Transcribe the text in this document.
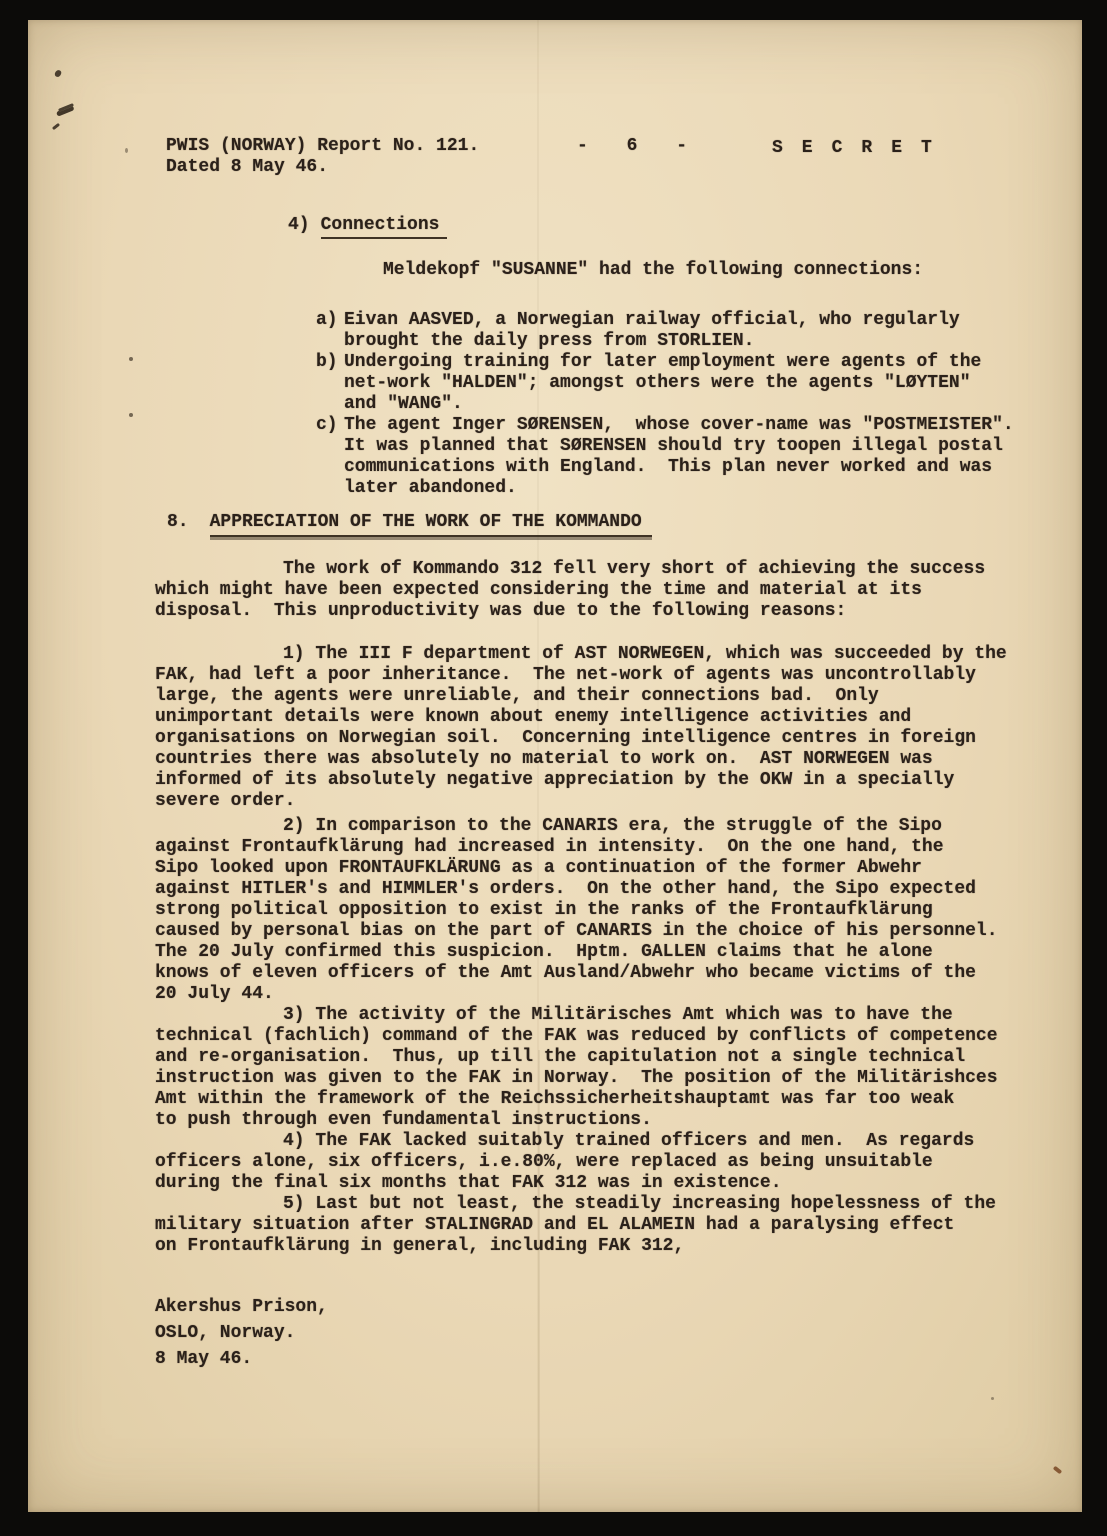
PWIS (NORWAY) Report No. 121.
Dated 8 May 46.
- 6 -	SECRET
4) Connections
Meldekopf "SUSANNE" had the following connections:
a) Eivan AASVED, a Norwegian railway official, who regularly
brought the daily press from STORLIEN.
b) Undergoing training for later employment were agents of the
net-work "HALDEN"; amongst others were the agents "LØYTEN"
and "WANG".
c) The agent Inger SØRENSEN,  whose cover-name was "POSTMEISTER".
It was planned that SØRENSEN should try toopen illegal postal
communications with England.  This plan never worked and was
later abandoned.
8. APPRECIATION OF THE WORK OF THE KOMMANDO
The work of Kommando 312 fell very short of achieving the success
which might have been expected considering the time and material at its
disposal.  This unproductivity was due to the following reasons:
1) The III F department of AST NORWEGEN, which was succeeded by the
FAK, had left a poor inheritance.  The net-work of agents was uncontrollably
large, the agents were unreliable, and their connections bad.  Only
unimportant details were known about enemy intelligence activities and
organisations on Norwegian soil.  Concerning intelligence centres in foreign
countries there was absolutely no material to work on.  AST NORWEGEN was
informed of its absolutely negative appreciation by the OKW in a specially
severe order.
2) In comparison to the CANARIS era, the struggle of the Sipo
against Frontaufklärung had increased in intensity.  On the one hand, the
Sipo looked upon FRONTAUFKLÄRUNG as a continuation of the former Abwehr
against HITLER's and HIMMLER's orders.  On the other hand, the Sipo expected
strong political opposition to exist in the ranks of the Frontaufklärung
caused by personal bias on the part of CANARIS in the choice of his personnel.
The 20 July confirmed this suspicion.  Hptm. GALLEN claims that he alone
knows of eleven officers of the Amt Ausland/Abwehr who became victims of the
20 July 44.
3) The activity of the Militärisches Amt which was to have the
technical (fachlich) command of the FAK was reduced by conflicts of competence
and re-organisation.  Thus, up till the capitulation not a single technical
instruction was given to the FAK in Norway.  The position of the Militärishces
Amt within the framework of the Reichssicherheitshauptamt was far too weak
to push through even fundamental instructions.
4) The FAK lacked suitably trained officers and men.  As regards
officers alone, six officers, i.e.80%, were replaced as being unsuitable
during the final six months that FAK 312 was in existence.
5) Last but not least, the steadily increasing hopelessness of the
military situation after STALINGRAD and EL ALAMEIN had a paralysing effect
on Frontaufklärung in general, including FAK 312,
Akershus Prison,
OSLO, Norway.
8 May 46.
